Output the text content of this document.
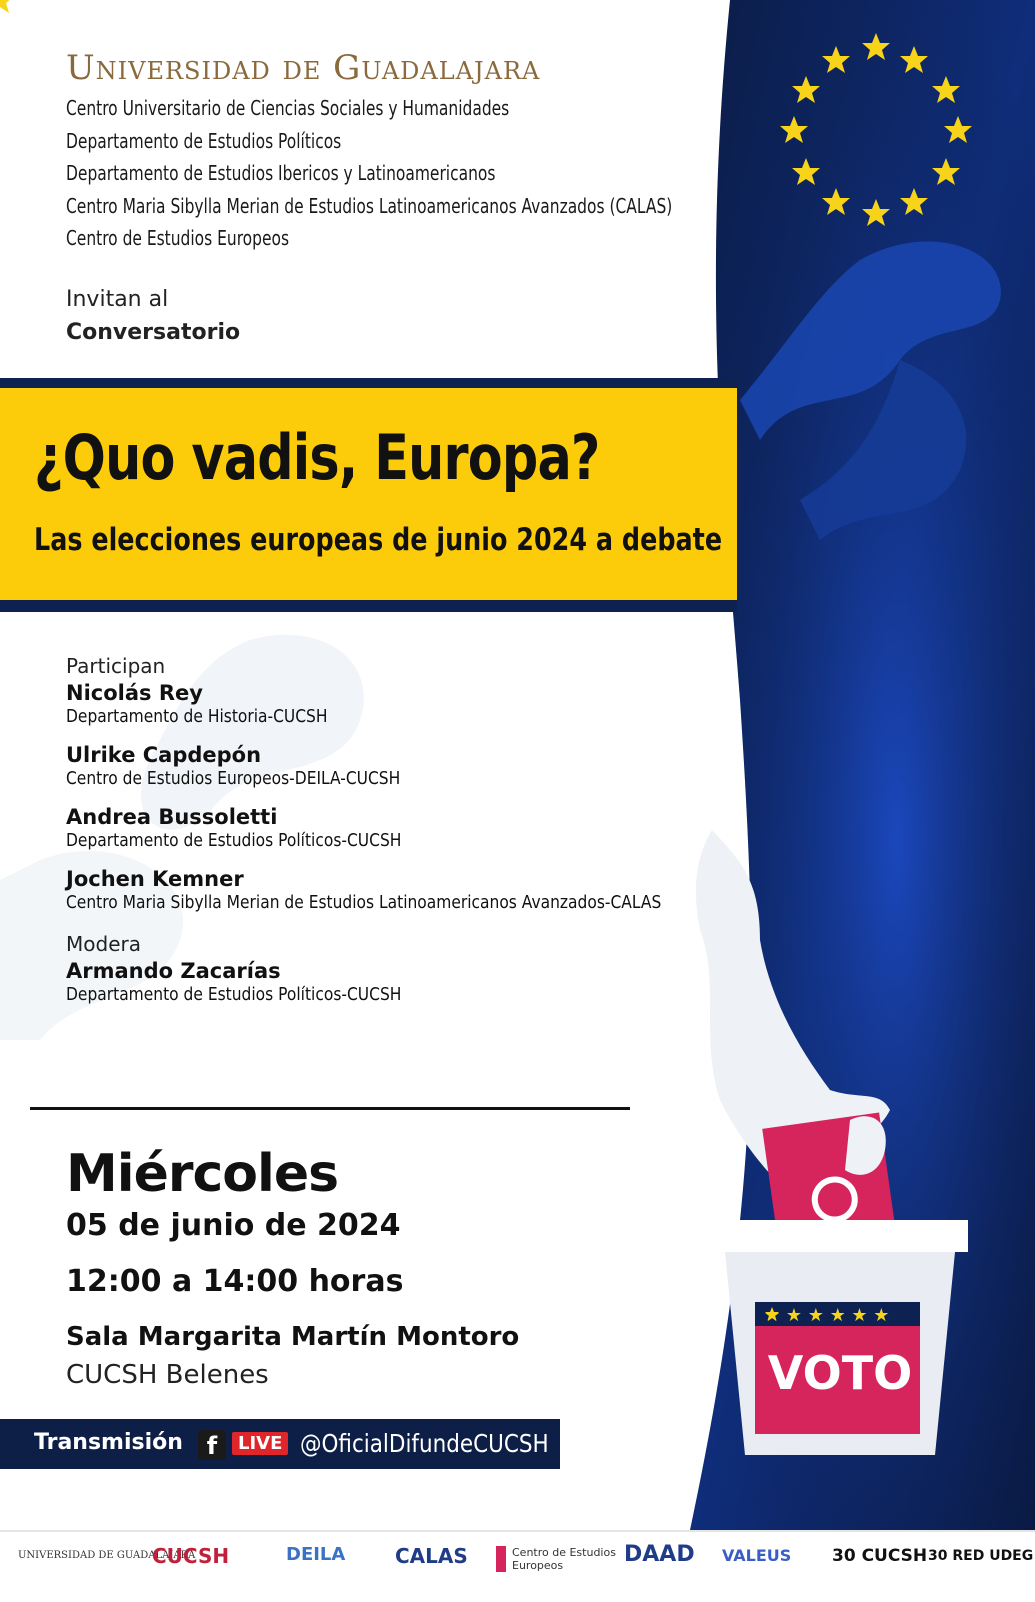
★ ★ ★ ★ ★ ★
Universidad de Guadalajara
Centro Universitario de Ciencias Sociales y Humanidades
Departamento de Estudios Políticos
Departamento de Estudios Ibericos y Latinoamericanos
Centro Maria Sibylla Merian de Estudios Latinoamericanos Avanzados (CALAS)
Centro de Estudios Europeos
Invitan al
Conversatorio
¿Quo vadis, Europa?
Las elecciones europeas de junio 2024 a debate
Participan
Nicolás Rey
Departamento de Historia-CUCSH
Ulrike Capdepón
Centro de Estudios Europeos-DEILA-CUCSH
Andrea Bussoletti
Departamento de Estudios Políticos-CUCSH
Jochen Kemner
Centro Maria Sibylla Merian de Estudios Latinoamericanos Avanzados-CALAS
Modera
Armando Zacarías
Departamento de Estudios Políticos-CUCSH
Miércoles
05 de junio de 2024
12:00 a 14:00 horas
Sala Margarita Martín Montoro
CUCSH Belenes
Transmisión f	LIVE @OficialDifundeCUCSH
VOTO
UNIVERSIDAD DE GUADALAJARA
CUCSH	DEILA CALAS	Centro de Estudios Europeos	DAAD VALEUS 30 CUCSH 30 RED UDEG
